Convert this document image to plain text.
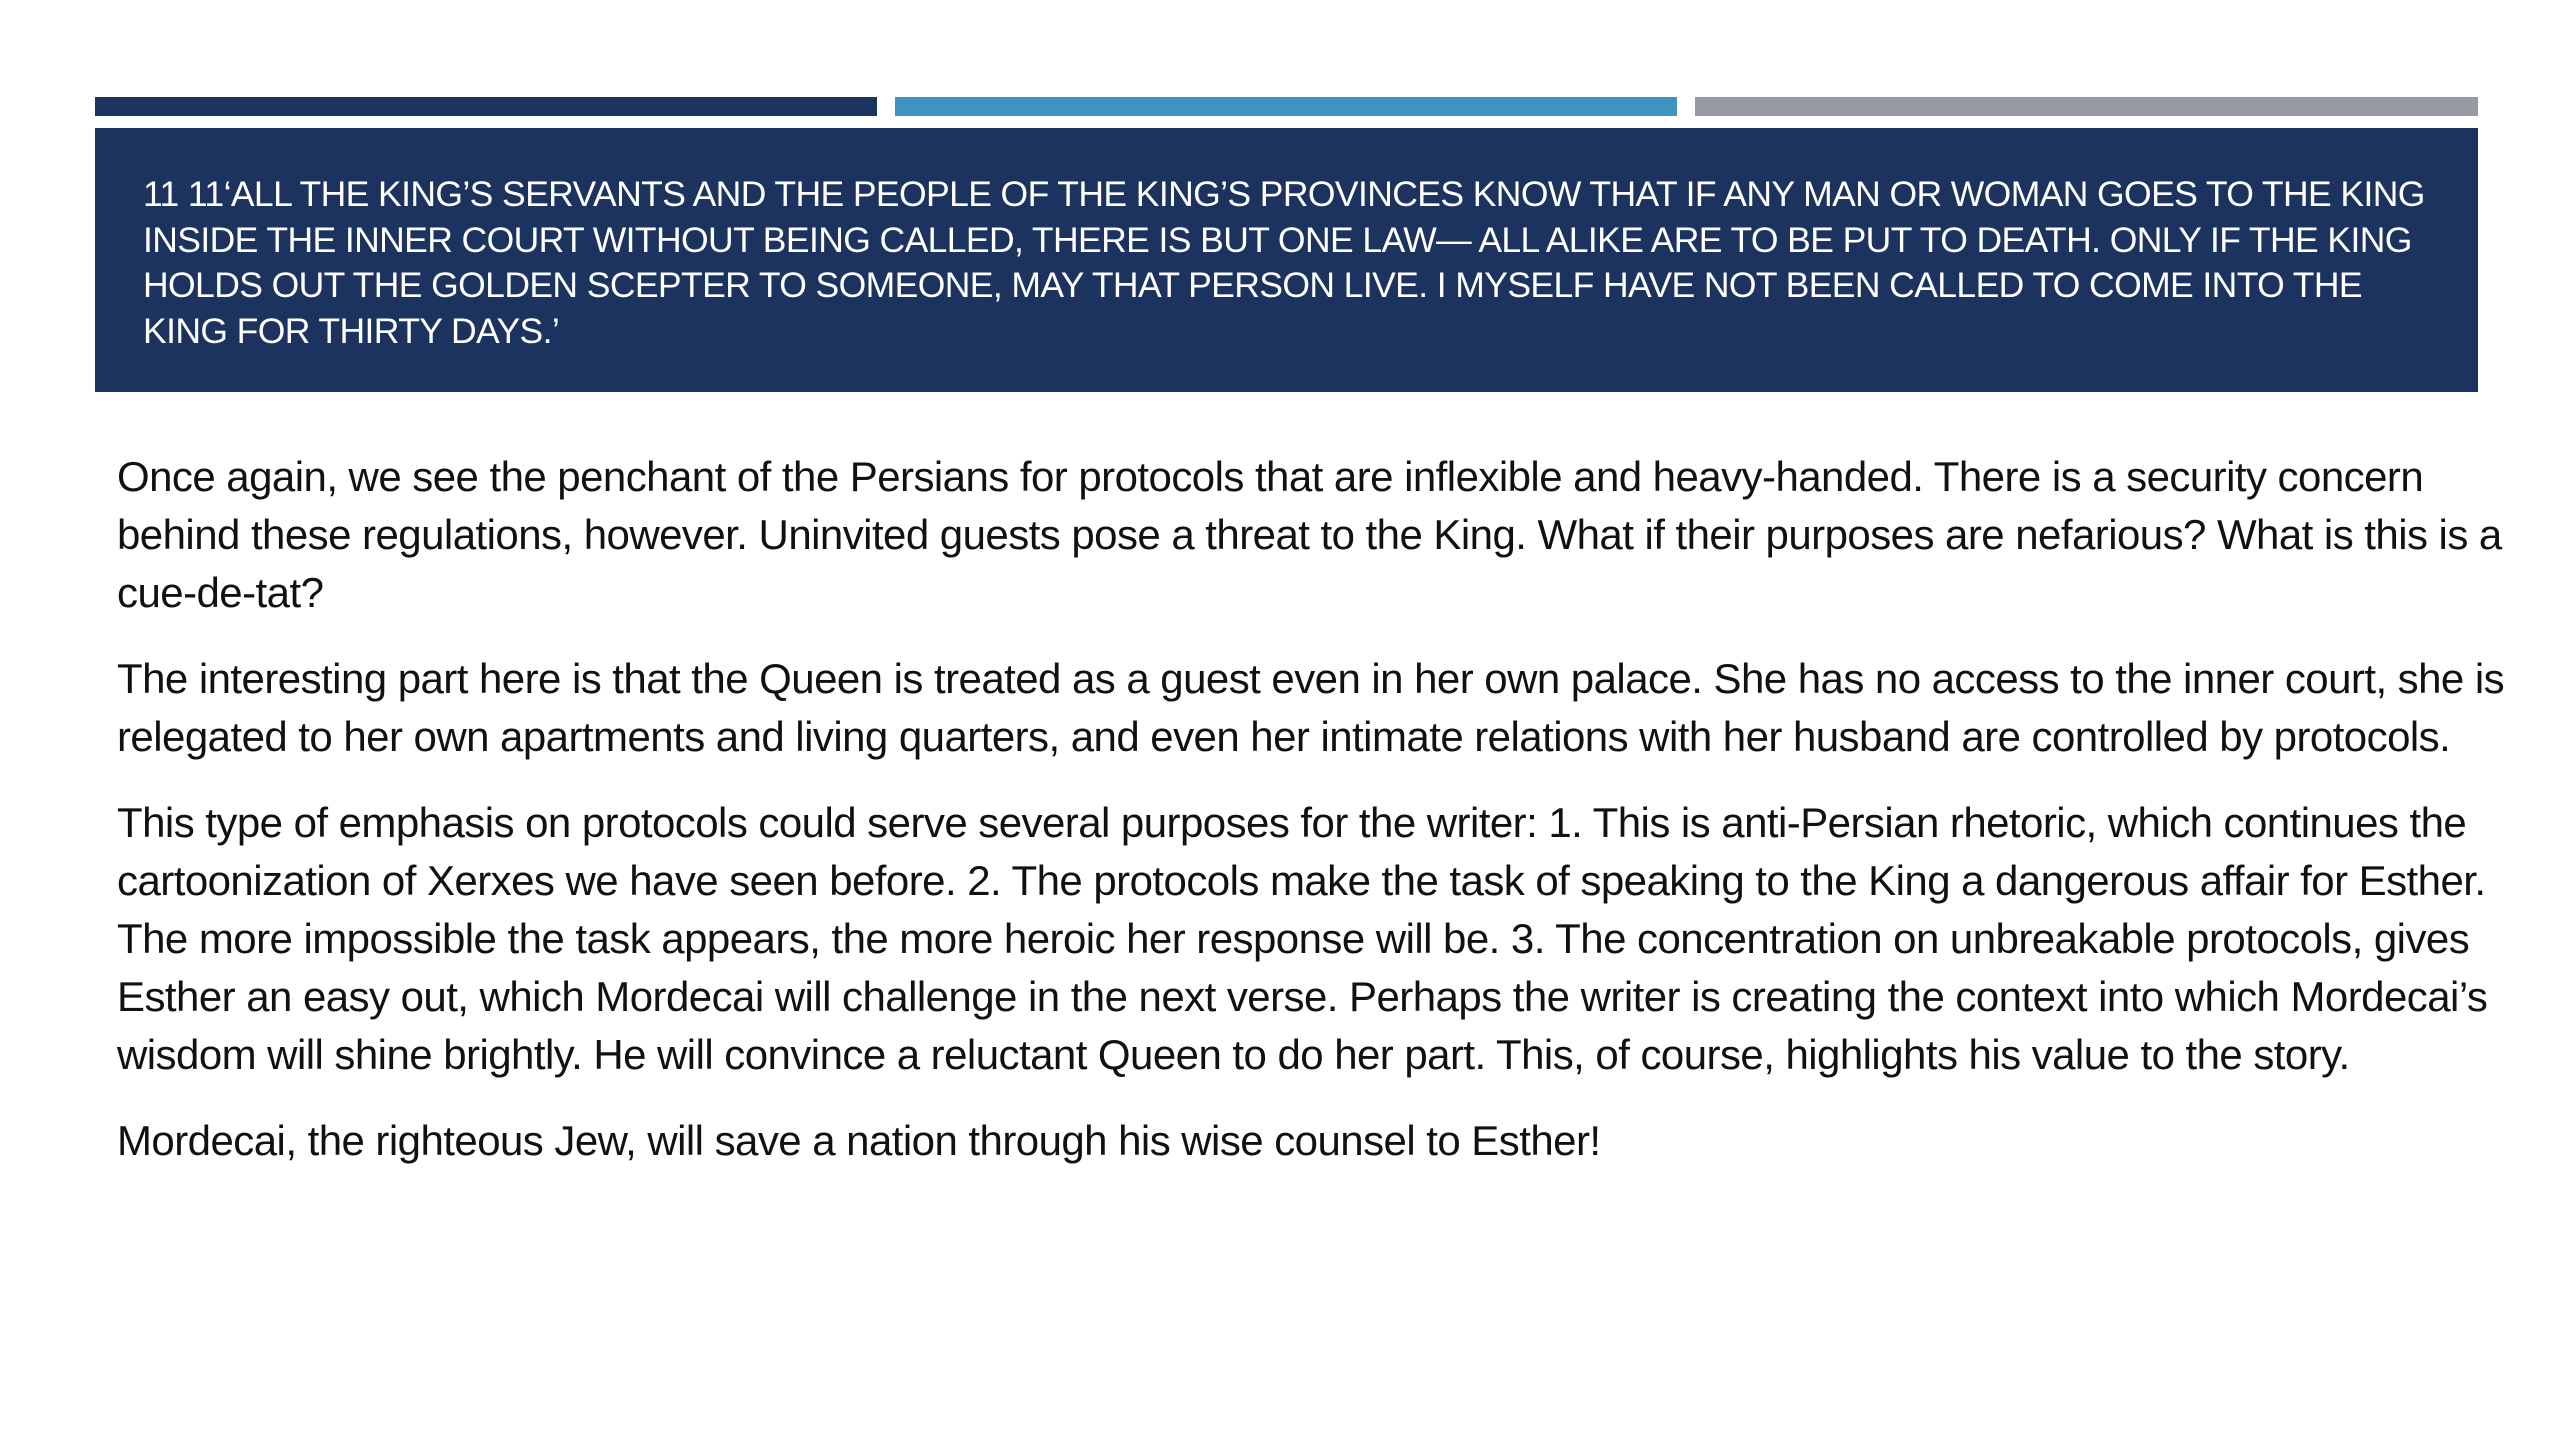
11 11‘ALL THE KING’S SERVANTS AND THE PEOPLE OF THE KING’S PROVINCES KNOW THAT IF ANY MAN OR WOMAN GOES TO THE KING INSIDE THE INNER COURT WITHOUT BEING CALLED, THERE IS BUT ONE LAW— ALL ALIKE ARE TO BE PUT TO DEATH. ONLY IF THE KING HOLDS OUT THE GOLDEN SCEPTER TO SOMEONE, MAY THAT PERSON LIVE. I MYSELF HAVE NOT BEEN CALLED TO COME INTO THE KING FOR THIRTY DAYS.’

Once again, we see the penchant of the Persians for protocols that are inflexible and heavy-handed. There is a security concern behind these regulations, however. Uninvited guests pose a threat to the King. What if their purposes are nefarious? What is this is a cue-de-tat?

The interesting part here is that the Queen is treated as a guest even in her own palace. She has no access to the inner court, she is relegated to her own apartments and living quarters, and even her intimate relations with her husband are controlled by protocols.

This type of emphasis on protocols could serve several purposes for the writer: 1. This is anti-Persian rhetoric, which continues the cartoonization of Xerxes we have seen before. 2. The protocols make the task of speaking to the King a dangerous affair for Esther. The more impossible the task appears, the more heroic her response will be. 3. The concentration on unbreakable protocols, gives Esther an easy out, which Mordecai will challenge in the next verse. Perhaps the writer is creating the context into which Mordecai’s wisdom will shine brightly. He will convince a reluctant Queen to do her part. This, of course, highlights his value to the story.

Mordecai, the righteous Jew, will save a nation through his wise counsel to Esther!
